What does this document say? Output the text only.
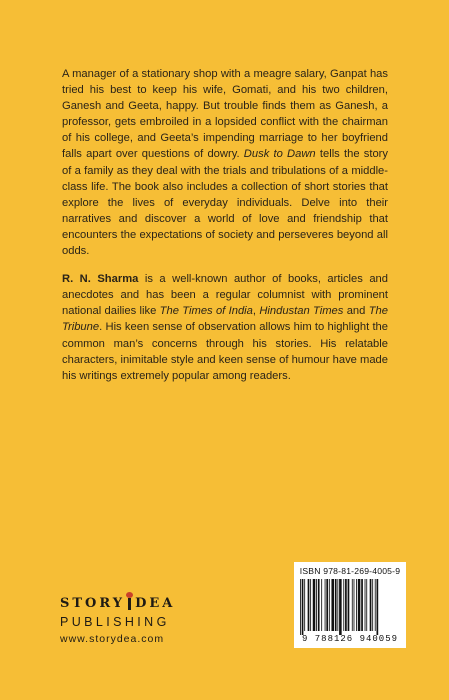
A manager of a stationary shop with a meagre salary, Ganpat has tried his best to keep his wife, Gomati, and his two children, Ganesh and Geeta, happy. But trouble finds them as Ganesh, a professor, gets embroiled in a lopsided conflict with the chairman of his college, and Geeta’s impending marriage to her boyfriend falls apart over questions of dowry. Dusk to Dawn tells the story of a family as they deal with the trials and tribulations of a middle-class life. The book also includes a collection of short stories that explore the lives of everyday individuals. Delve into their narratives and discover a world of love and friendship that encounters the expectations of society and perseveres beyond all odds.

R. N. Sharma is a well-known author of books, articles and anecdotes and has been a regular columnist with prominent national dailies like The Times of India, Hindustan Times and The Tribune. His keen sense of observation allows him to highlight the common man’s concerns through his stories. His relatable characters, inimitable style and keen sense of humour have made his writings extremely popular among readers.

STORY DEA
PUBLISHING
www.storydea.com
ISBN 978-81-269-4005-9
9 788126 940059
